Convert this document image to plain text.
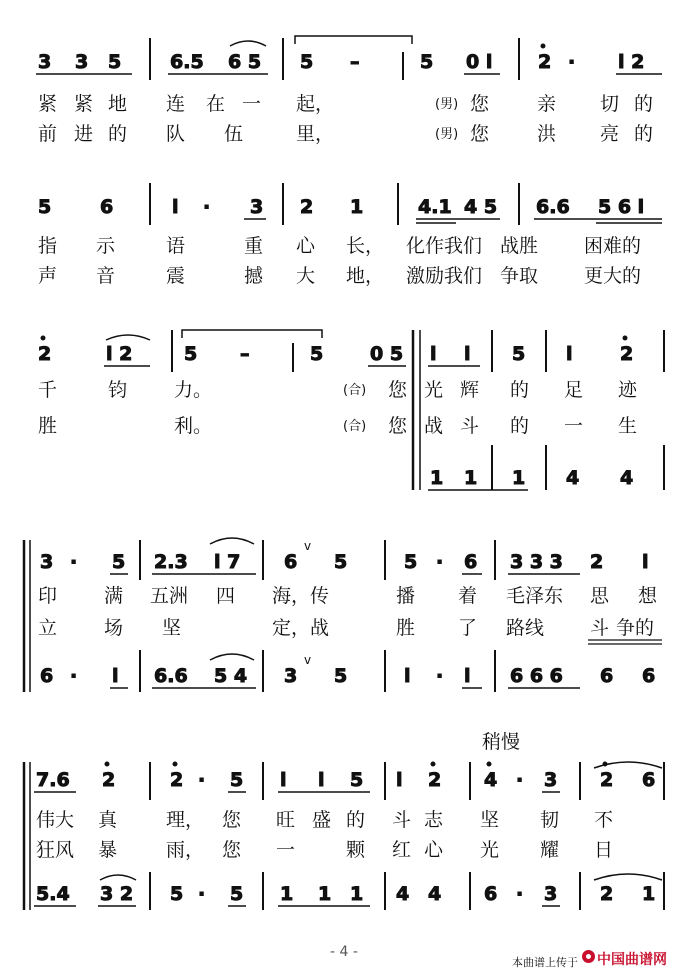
3 3 5	6.5 6 5 5 –	5 0 i 2 · i 2
紧 紧 地 连 在 一 起，	(男) 您	亲 切 的
前 进 的 队 伍	里，	(男) 您	洪 亮 的
5	6	i · 3 2 1	4.1 4 5 6.6 5 6 i
指 示	语	重 心 长， 化作我们 战胜 困难的
声 音	震	撼 大 地， 激励我们 争取 更大的
2	i 2	5 –	5 0 5 i i 5 i 2
千	钧 力。	(合) 您 光 辉 的 足 迹
胜	利。	(合) 您 战 斗 的 一 生
1 1 1 4 4
3 · 5 2.3 i 7 6 5	5 · 6 3 3 3 2 i
v
印 满 五洲 四 海，传	播 着 毛泽东 思 想
立 场 坚	定，战	胜 了 路线 斗 争的
6 · i 6.6 5 4 3 5	i · i 6 6 6 6 6
v
稍慢
7.6 2	2 · 5 i i 5 i 2 4 · 3 2 6
伟大 真	理， 您 旺 盛 的 斗 志 坚 韧 不
狂风 暴	雨， 您 一	颗 红 心 光 耀 日
5.4 3 2 5 · 5 1 1 1 4 4 6 · 3 2 1
- 4 -
本曲谱上传于 中国曲谱网
